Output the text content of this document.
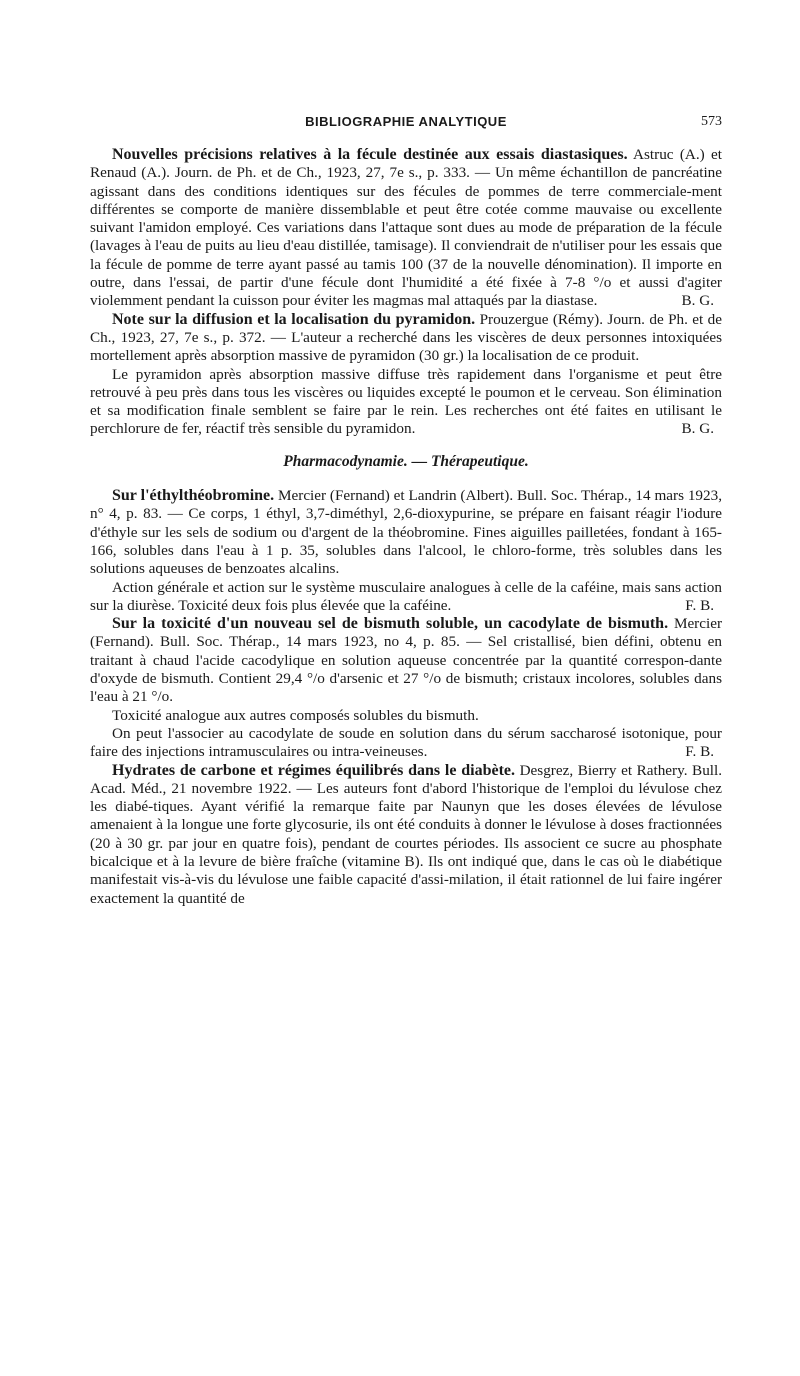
BIBLIOGRAPHIE ANALYTIQUE	573

Nouvelles précisions relatives à la fécule destinée aux essais diastasiques. Astruc (A.) et Renaud (A.). Journ. de Ph. et de Ch., 1923, 27, 7e s., p. 333. — Un même échantillon de pancréatine agissant dans des conditions identiques sur des fécules de pommes de terre commerciale-ment différentes se comporte de manière dissemblable et peut être cotée comme mauvaise ou excellente suivant l'amidon employé. Ces variations dans l'attaque sont dues au mode de préparation de la fécule (lavages à l'eau de puits au lieu d'eau distillée, tamisage). Il conviendrait de n'utiliser pour les essais que la fécule de pomme de terre ayant passé au tamis 100 (37 de la nouvelle dénomination). Il importe en outre, dans l'essai, de partir d'une fécule dont l'humidité a été fixée à 7-8 °/o et aussi d'agiter violemment pendant la cuisson pour éviter les magmas mal attaqués par la diastase.	B. G.

Note sur la diffusion et la localisation du pyramidon. Prouzergue (Rémy). Journ. de Ph. et de Ch., 1923, 27, 7e s., p. 372. — L'auteur a recherché dans les viscères de deux personnes intoxiquées mortellement après absorption massive de pyramidon (30 gr.) la localisation de ce produit.

Le pyramidon après absorption massive diffuse très rapidement dans l'organisme et peut être retrouvé à peu près dans tous les viscères ou liquides excepté le poumon et le cerveau. Son élimination et sa modification finale semblent se faire par le rein. Les recherches ont été faites en utilisant le perchlorure de fer, réactif très sensible du pyramidon.	B. G.

Pharmacodynamie. — Thérapeutique.

Sur l'éthylthéobromine. Mercier (Fernand) et Landrin (Albert). Bull. Soc. Thérap., 14 mars 1923, n° 4, p. 83. — Ce corps, 1 éthyl, 3,7-diméthyl, 2,6-dioxypurine, se prépare en faisant réagir l'iodure d'éthyle sur les sels de sodium ou d'argent de la théobromine. Fines aiguilles pailletées, fondant à 165-166, solubles dans l'eau à 1 p. 35, solubles dans l'alcool, le chloro-forme, très solubles dans les solutions aqueuses de benzoates alcalins.

Action générale et action sur le système musculaire analogues à celle de la caféine, mais sans action sur la diurèse. Toxicité deux fois plus élevée que la caféine.	F. B.

Sur la toxicité d'un nouveau sel de bismuth soluble, un cacodylate de bismuth. Mercier (Fernand). Bull. Soc. Thérap., 14 mars 1923, no 4, p. 85. — Sel cristallisé, bien défini, obtenu en traitant à chaud l'acide cacodylique en solution aqueuse concentrée par la quantité correspon-dante d'oxyde de bismuth. Contient 29,4 °/o d'arsenic et 27 °/o de bismuth; cristaux incolores, solubles dans l'eau à 21 °/o.

Toxicité analogue aux autres composés solubles du bismuth.

On peut l'associer au cacodylate de soude en solution dans du sérum saccharosé isotonique, pour faire des injections intramusculaires ou intra-veineuses.	F. B.

Hydrates de carbone et régimes équilibrés dans le diabète. Desgrez, Bierry et Rathery. Bull. Acad. Méd., 21 novembre 1922. — Les auteurs font d'abord l'historique de l'emploi du lévulose chez les diabé-tiques. Ayant vérifié la remarque faite par Naunyn que les doses élevées de lévulose amenaient à la longue une forte glycosurie, ils ont été conduits à donner le lévulose à doses fractionnées (20 à 30 gr. par jour en quatre fois), pendant de courtes périodes. Ils associent ce sucre au phosphate bicalcique et à la levure de bière fraîche (vitamine B). Ils ont indiqué que, dans le cas où le diabétique manifestait vis-à-vis du lévulose une faible capacité d'assi-milation, il était rationnel de lui faire ingérer exactement la quantité de
